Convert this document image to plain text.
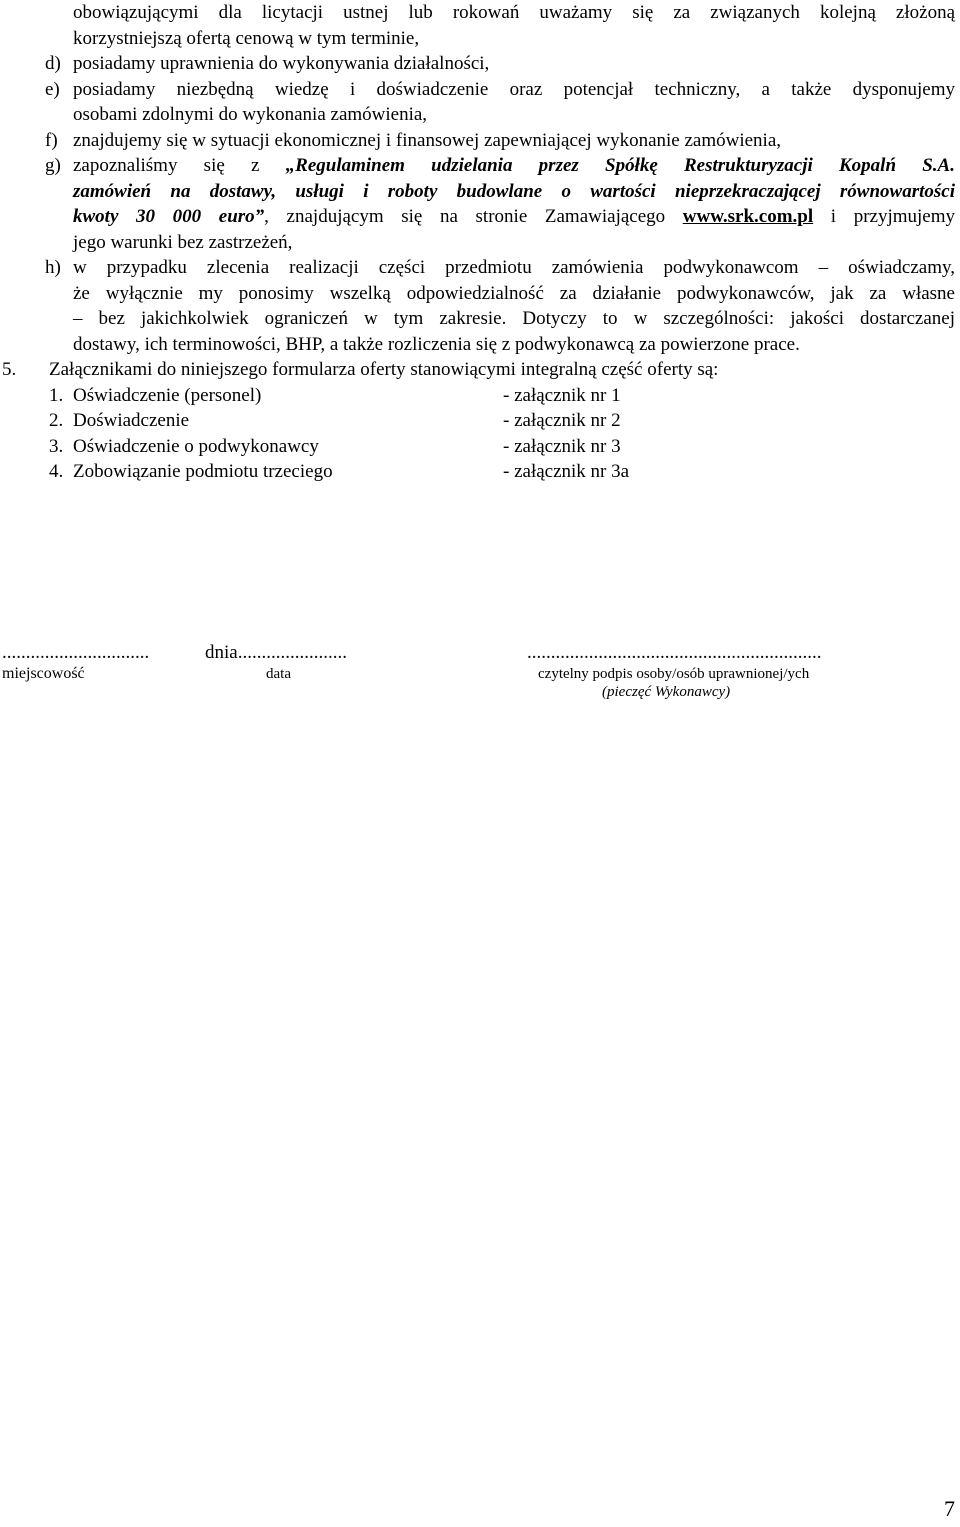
obowiązującymi dla licytacji ustnej lub rokowań uważamy się za związanych kolejną złożoną
korzystniejszą ofertą cenową w tym terminie,
d) posiadamy uprawnienia do wykonywania działalności,
e) posiadamy niezbędną wiedzę i doświadczenie oraz potencjał techniczny, a także dysponujemy
osobami zdolnymi do wykonania zamówienia,
f) znajdujemy się w sytuacji ekonomicznej i finansowej zapewniającej wykonanie zamówienia,
g) zapoznaliśmy się z „Regulaminem udzielania przez Spółkę Restrukturyzacji Kopalń S.A.
zamówień na dostawy, usługi i roboty budowlane o wartości nieprzekraczającej równowartości
kwoty 30 000 euro”, znajdującym się na stronie Zamawiającego www.srk.com.pl i przyjmujemy
jego warunki bez zastrzeżeń,
h) w przypadku zlecenia realizacji części przedmiotu zamówienia podwykonawcom – oświadczamy,
że wyłącznie my ponosimy wszelką odpowiedzialność za działanie podwykonawców, jak za własne
– bez jakichkolwiek ograniczeń w tym zakresie. Dotyczy to w szczególności: jakości dostarczanej
dostawy, ich terminowości, BHP, a także rozliczenia się z podwykonawcą za powierzone prace.
5. Załącznikami do niniejszego formularza oferty stanowiącymi integralną część oferty są:
1. Oświadczenie (personel)	- załącznik nr 1
2. Doświadczenie	- załącznik nr 2
3. Oświadczenie o podwykonawcy	- załącznik nr 3
4. Zobowiązanie podmiotu trzeciego	- załącznik nr 3a
...............................	dnia.......................	..............................................................
miejscowość	data	czytelny podpis osoby/osób uprawnionej/ych
(pieczęć Wykonawcy)
7
